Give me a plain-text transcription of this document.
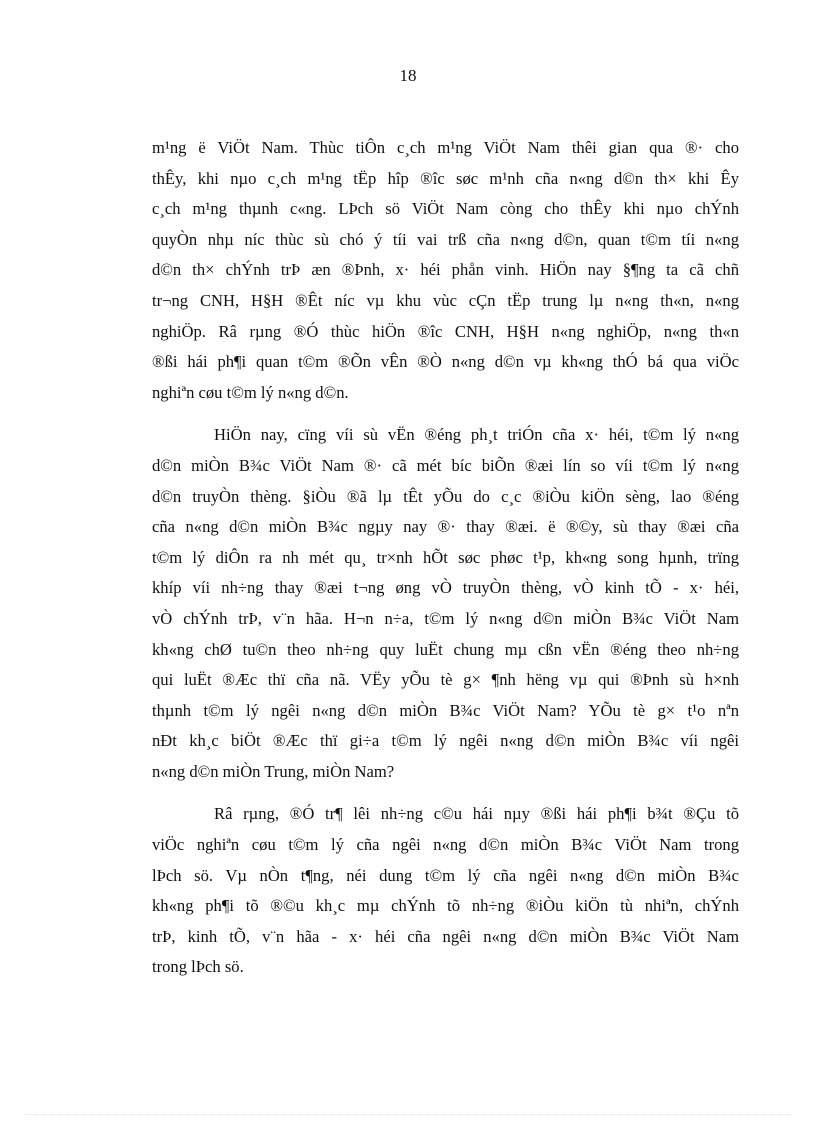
18
m¹ng ë ViÖt Nam. Thùc tiÔn c¸ch m¹ng ViÖt Nam thêi gian qua ®· cho
thÊy, khi nµo c¸ch m¹ng tËp hîp ®îc søc m¹nh cña n«ng d©n th× khi Êy
c¸ch m¹ng thµnh c«ng. LÞch sö ViÖt Nam còng cho thÊy khi nµo chÝnh
quyÒn nhµ níc thùc sù chó ý tíi vai trß cña n«ng d©n, quan t©m tíi n«ng
d©n th× chÝnh trÞ æn ®Þnh, x· héi phån vinh. HiÖn nay §¶ng ta cã chñ
tr¬ng CNH, H§H ®Êt níc vµ khu vùc cÇn tËp trung lµ n«ng th«n, n«ng
nghiÖp. Râ rµng ®Ó thùc hiÖn ®îc CNH, H§H n«ng nghiÖp, n«ng th«n
®ßi hái ph¶i quan t©m ®Õn vÊn ®Ò n«ng d©n vµ kh«ng thÓ bá qua viÖc
nghiªn cøu t©m lý n«ng d©n.
HiÖn nay, cïng víi sù vËn ®éng ph¸t triÓn cña x· héi, t©m lý n«ng
d©n miÒn B¾c ViÖt Nam ®· cã mét bíc biÕn ®æi lín so víi t©m lý n«ng
d©n truyÒn thèng. §iÒu ®ã lµ tÊt yÕu do c¸c ®iÒu kiÖn sèng, lao ®éng
cña n«ng d©n miÒn B¾c ngµy nay ®· thay ®æi. ë ®©y, sù thay ®æi cña
t©m lý diÔn ra nh mét qu¸ tr×nh hÕt søc phøc t¹p, kh«ng song hµnh, trïng
khíp víi nh÷ng thay ®æi t¬ng øng vÒ truyÒn thèng, vÒ kinh tÕ - x· héi,
vÒ chÝnh trÞ, v¨n hãa. H¬n n÷a, t©m lý n«ng d©n miÒn B¾c ViÖt Nam
kh«ng chØ tu©n theo nh÷ng quy luËt chung mµ cßn vËn ®éng theo nh÷ng
qui luËt ®Æc thï cña nã. VËy yÕu tè g× ¶nh hëng vµ qui ®Þnh sù h×nh
thµnh t©m lý ngêi n«ng d©n miÒn B¾c ViÖt Nam? YÕu tè g× t¹o nªn
nÐt kh¸c biÖt ®Æc thï gi÷a t©m lý ngêi n«ng d©n miÒn B¾c víi ngêi
n«ng d©n miÒn Trung, miÒn Nam?
Râ rµng, ®Ó tr¶ lêi nh÷ng c©u hái nµy ®ßi hái ph¶i b¾t ®Çu tõ
viÖc nghiªn cøu t©m lý cña ngêi n«ng d©n miÒn B¾c ViÖt Nam trong
lÞch sö. Vµ nÒn t¶ng, néi dung t©m lý cña ngêi n«ng d©n miÒn B¾c
kh«ng ph¶i tõ ®©u kh¸c mµ chÝnh tõ nh÷ng ®iÒu kiÖn tù nhiªn, chÝnh
trÞ, kinh tÕ, v¨n hãa - x· héi cña ngêi n«ng d©n miÒn B¾c ViÖt Nam
trong lÞch sö.
